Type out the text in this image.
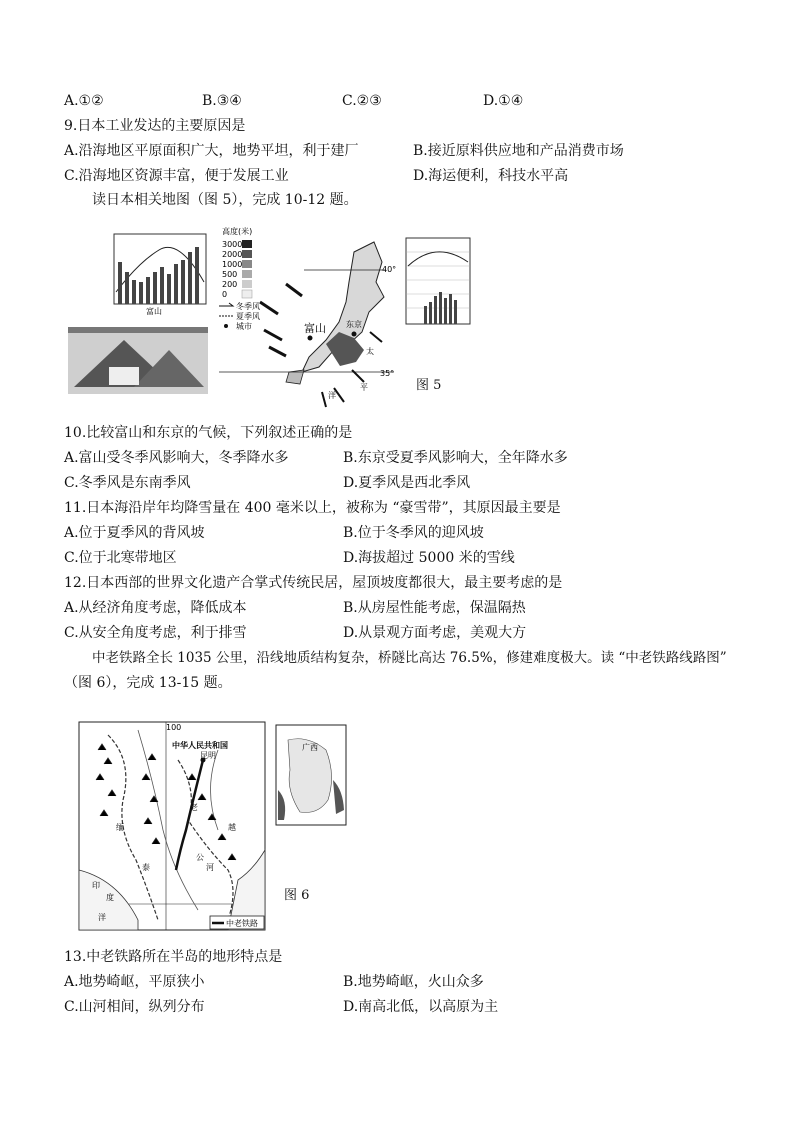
A.①②	B.③④	C.②③	D.①④
9.日本工业发达的主要原因是
A.沿海地区平原面积广大，地势平坦，利于建厂	B.接近原料供应地和产品消费市场
C.沿海地区资源丰富，便于发展工业	D.海运便利，科技水平高
读日本相关地图（图 5），完成 10-12 题。
富山
高度(米)
3000
2000
1000
500
200
0
冬季风
夏季风
城市
40°
35°
富山	东京
太
平
洋
图 5
10.比较富山和东京的气候，下列叙述正确的是
A.富山受冬季风影响大，冬季降水多	B.东京受夏季风影响大，全年降水多
C.冬季风是东南季风	D.夏季风是西北季风
11.日本海沿岸年均降雪量在 400 毫米以上，被称为 “豪雪带”，其原因最主要是
A.位于夏季风的背风坡	B.位于冬季风的迎风坡
C.位于北寒带地区	D.海拔超过 5000 米的雪线
12.日本西部的世界文化遗产合掌式传统民居，屋顶坡度都很大，最主要考虑的是
A.从经济角度考虑，降低成本	B.从房屋性能考虑，保温隔热
C.从安全角度考虑，利于排雪	D.从景观方面考虑，美观大方
中老铁路全长 1035 公里，沿线地质结构复杂，桥隧比高达 76.5%，修建难度极大。读 “中老铁路线路图”
（图 6），完成 13-15 题。
100
中华人民共和国
昆明
印
度
洋
泰
缅
老
越
河
公
中老铁路
广西
图 6
13.中老铁路所在半岛的地形特点是
A.地势崎岖，平原狭小	B.地势崎岖，火山众多
C.山河相间，纵列分布	D.南高北低，以高原为主
